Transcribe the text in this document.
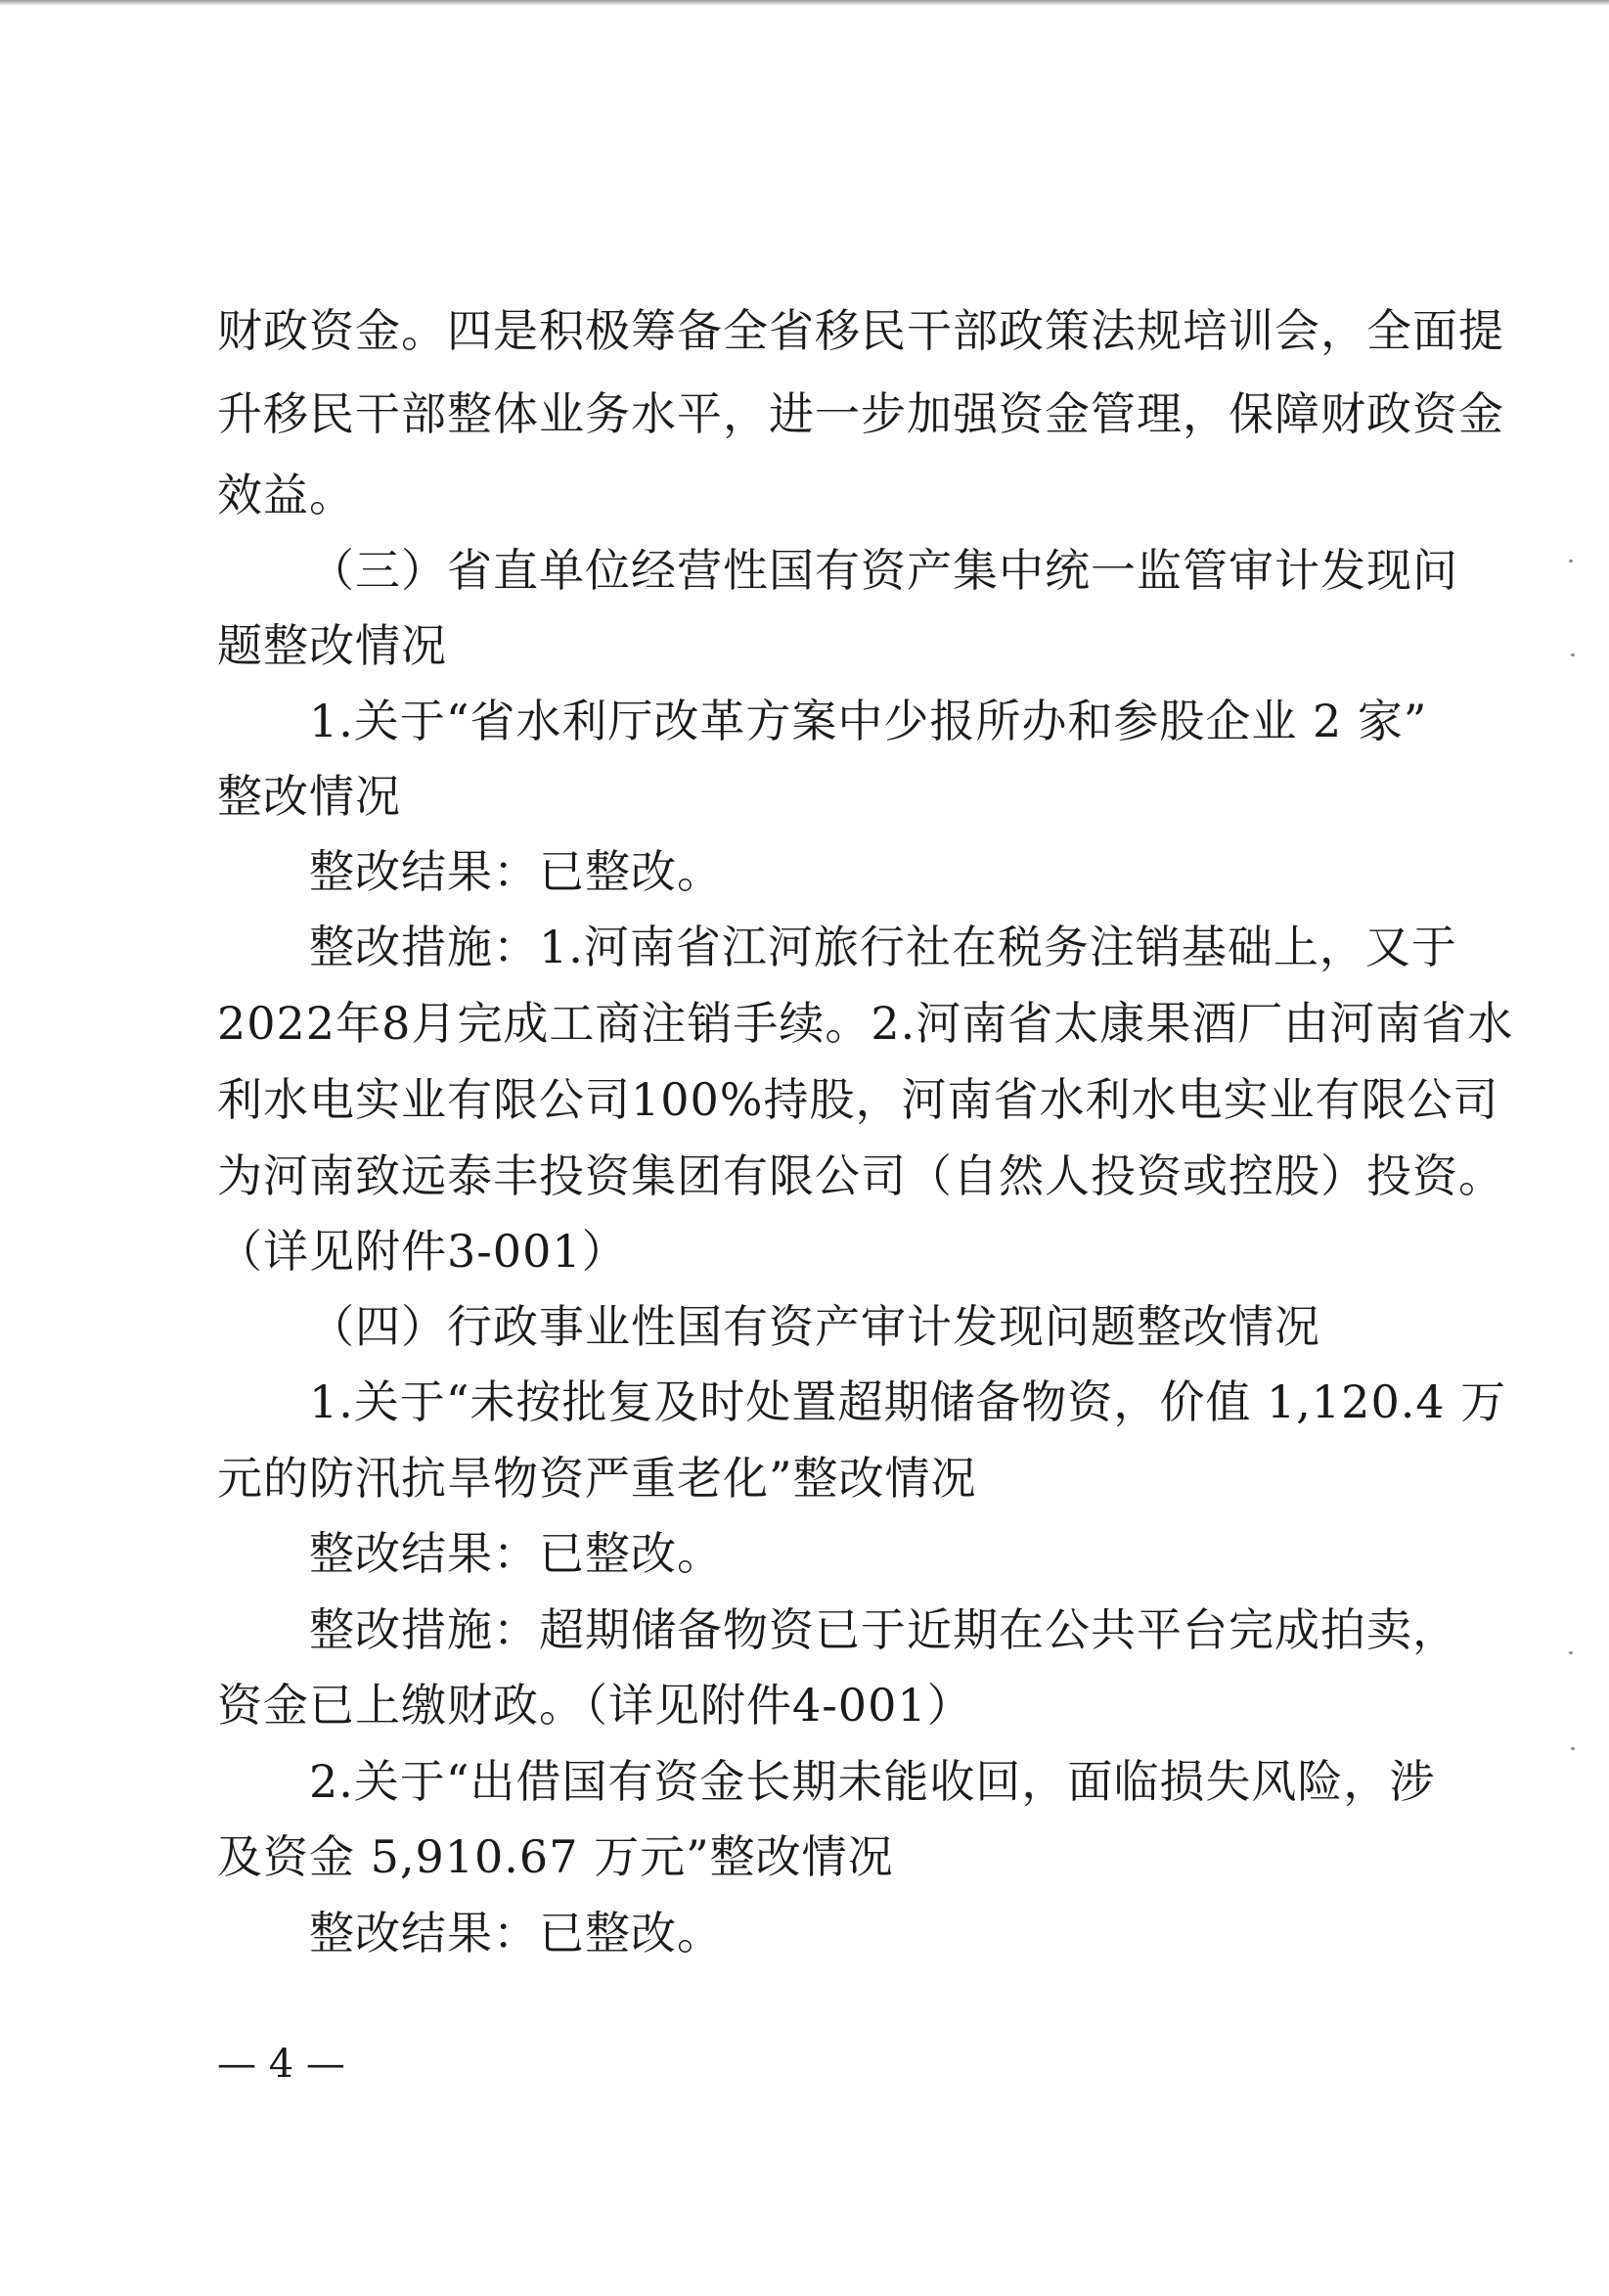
财政资金。四是积极筹备全省移民干部政策法规培训会，全面提
升移民干部整体业务水平，进一步加强资金管理，保障财政资金
效益。
（三）省直单位经营性国有资产集中统一监管审计发现问
题整改情况
1.关于“省水利厅改革方案中少报所办和参股企业 2 家”
整改情况
整改结果：已整改。
整改措施：1.河南省江河旅行社在税务注销基础上，又于
2022年8月完成工商注销手续。2.河南省太康果酒厂由河南省水
利水电实业有限公司100%持股，河南省水利水电实业有限公司
为河南致远泰丰投资集团有限公司（自然人投资或控股）投资。
（详见附件3-001）
（四）行政事业性国有资产审计发现问题整改情况
1.关于“未按批复及时处置超期储备物资，价值 1,120.4 万
元的防汛抗旱物资严重老化”整改情况
整改结果：已整改。
整改措施：超期储备物资已于近期在公共平台完成拍卖，
资金已上缴财政。（详见附件4-001）
2.关于“出借国有资金长期未能收回，面临损失风险，涉
及资金 5,910.67 万元”整改情况
整改结果：已整改。
— 4 —
